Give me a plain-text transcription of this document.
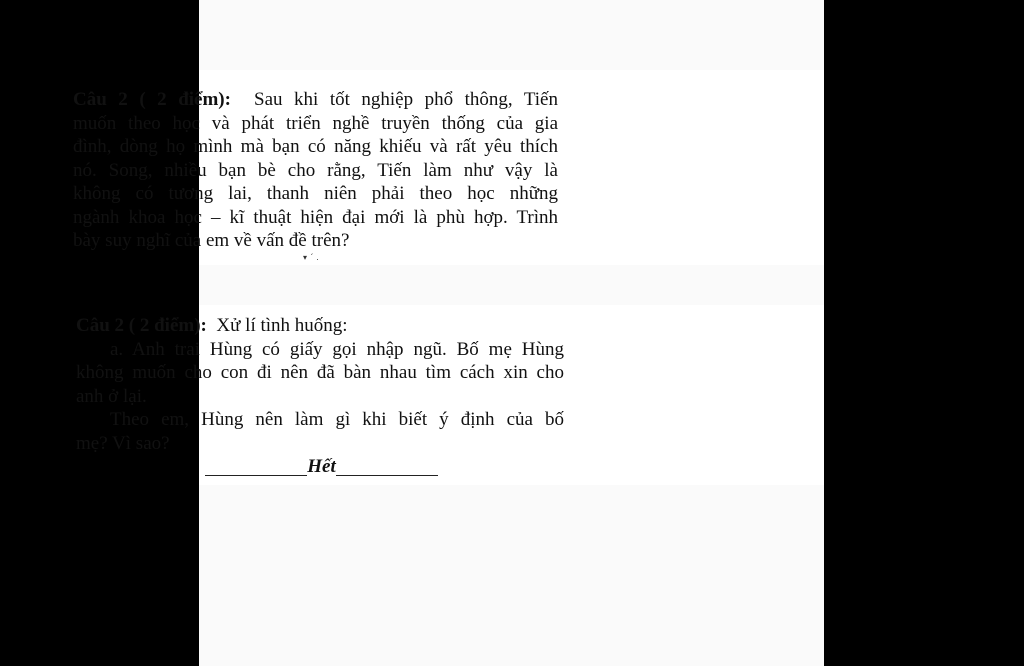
Câu 2 ( 2 điểm): Sau khi tốt nghiệp phổ thông, Tiến
muốn theo học và phát triển nghề truyền thống của gia
đình, dòng họ mình mà bạn có năng khiếu và rất yêu thích
nó. Song, nhiều bạn bè cho rằng, Tiến làm như vậy là
không có tương lai, thanh niên phải theo học những
ngành khoa học – kĩ thuật hiện đại mới là phù hợp. Trình
bày suy nghĩ của em về vấn đề trên?
▾ ˊ .
Câu 2 ( 2 điểm): Xử lí tình huống:
a. Anh trai Hùng có giấy gọi nhập ngũ. Bố mẹ Hùng
không muốn cho con đi nên đã bàn nhau tìm cách xin cho
anh ở lại.
Theo em, Hùng nên làm gì khi biết ý định của bố
mẹ? Vì sao?
Hết
